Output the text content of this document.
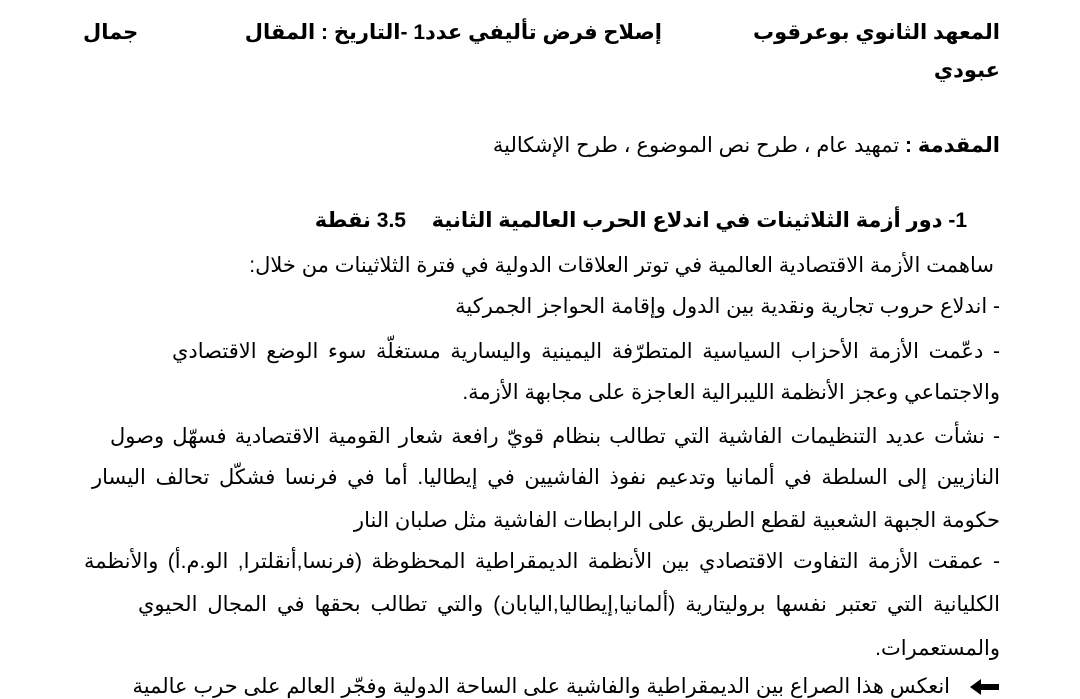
المعهد الثانوي بوعرقوب
إصلاح فرض تأليفي عدد1 -التاريخ : المقال
جمال
عبودي
المقدمة : تمهيد عام ، طرح نص الموضوع ، طرح الإشكالية
1- دور أزمة الثلاثينات في اندلاع الحرب العالمية الثانية  3.5 نقطة
ساهمت الأزمة الاقتصادية العالمية في توتر العلاقات الدولية في فترة الثلاثينات من خلال:
- اندلاع حروب تجارية ونقدية بين الدول وإقامة الحواجز الجمركية
- دعّمت الأزمة الأحزاب السياسية المتطرّفة اليمينية واليسارية مستغلّة سوء الوضع الاقتصادي
والاجتماعي وعجز الأنظمة الليبرالية العاجزة على مجابهة الأزمة.
- نشأت عديد التنظيمات الفاشية التي تطالب بنظام قويّ رافعة شعار القومية الاقتصادية فسهّل وصول
النازيين إلى السلطة في ألمانيا وتدعيم نفوذ الفاشيين في إيطاليا. أما في فرنسا فشكّل تحالف اليسار
حكومة الجبهة الشعبية لقطع الطريق على الرابطات الفاشية مثل صلبان النار
- عمقت الأزمة التفاوت الاقتصادي بين الأنظمة الديمقراطية المحظوظة (فرنسا,أنقلترا, الو.م.أ) والأنظمة
الكليانية التي تعتبر نفسها بروليتارية (ألمانيا,إيطاليا,اليابان) والتي تطالب بحقها في المجال الحيوي
والمستعمرات.
انعكس هذا الصراع بين الديمقراطية والفاشية على الساحة الدولية وفجّر العالم على حرب عالمية
